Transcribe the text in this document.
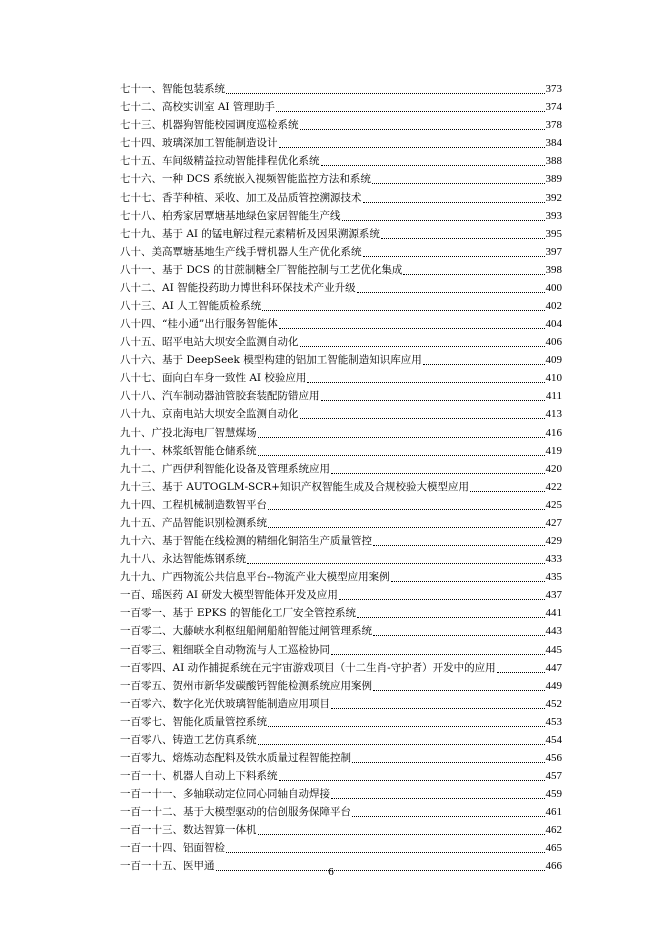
七十一、智能包装系统	373
七十二、高校实训室 AI 管理助手	374
七十三、机器狗智能校园调度巡检系统	378
七十四、玻璃深加工智能制造设计	384
七十五、车间级精益拉动智能排程优化系统	388
七十六、一种 DCS 系统嵌入视频智能监控方法和系统	389
七十七、香芋种植、采收、加工及品质管控溯源技术	392
七十八、柏秀家居覃塘基地绿色家居智能生产线	393
七十九、基于 AI 的锰电解过程元素精析及因果溯源系统	395
八十、美高覃塘基地生产线手臂机器人生产优化系统	397
八十一、基于 DCS 的甘蔗制糖全厂智能控制与工艺优化集成	398
八十二、AI 智能投药助力博世科环保技术产业升级	400
八十三、AI 人工智能质检系统	402
八十四、“桂小通”出行服务智能体	404
八十五、昭平电站大坝安全监测自动化	406
八十六、基于 DeepSeek 模型构建的铝加工智能制造知识库应用	409
八十七、面向白车身一致性 AI 校验应用	410
八十八、汽车制动器油管胶套装配防错应用	411
八十九、京南电站大坝安全监测自动化	413
九十、广投北海电厂智慧煤场	416
九十一、林浆纸智能仓储系统	419
九十二、广西伊利智能化设备及管理系统应用	420
九十三、基于 AUTOGLM-SCR+知识产权智能生成及合规校验大模型应用	422
九十四、工程机械制造数智平台	425
九十五、产品智能识别检测系统	427
九十六、基于智能在线检测的精细化铜箔生产质量管控	429
九十八、永达智能炼钢系统	433
九十九、广西物流公共信息平台--物流产业大模型应用案例	435
一百、瑶医药 AI 研发大模型智能体开发及应用	437
一百零一、基于 EPKS 的智能化工厂安全管控系统	441
一百零二、大藤峡水利枢纽船闸船舶智能过闸管理系统	443
一百零三、粗细联全自动物流与人工巡检协同	445
一百零四、AI 动作捕捉系统在元宇宙游戏项目（十二生肖-守护者）开发中的应用	447
一百零五、贺州市新华发碳酸钙智能检测系统应用案例	449
一百零六、数字化光伏玻璃智能制造应用项目	452
一百零七、智能化质量管控系统	453
一百零八、铸造工艺仿真系统	454
一百零九、熔炼动态配料及铁水质量过程智能控制	456
一百一十、机器人自动上下料系统	457
一百一十一、多轴联动定位同心同轴自动焊接	459
一百一十二、基于大模型驱动的信创服务保障平台	461
一百一十三、数达智算一体机	462
一百一十四、铝面智检	465
一百一十五、医甲通	466
6
